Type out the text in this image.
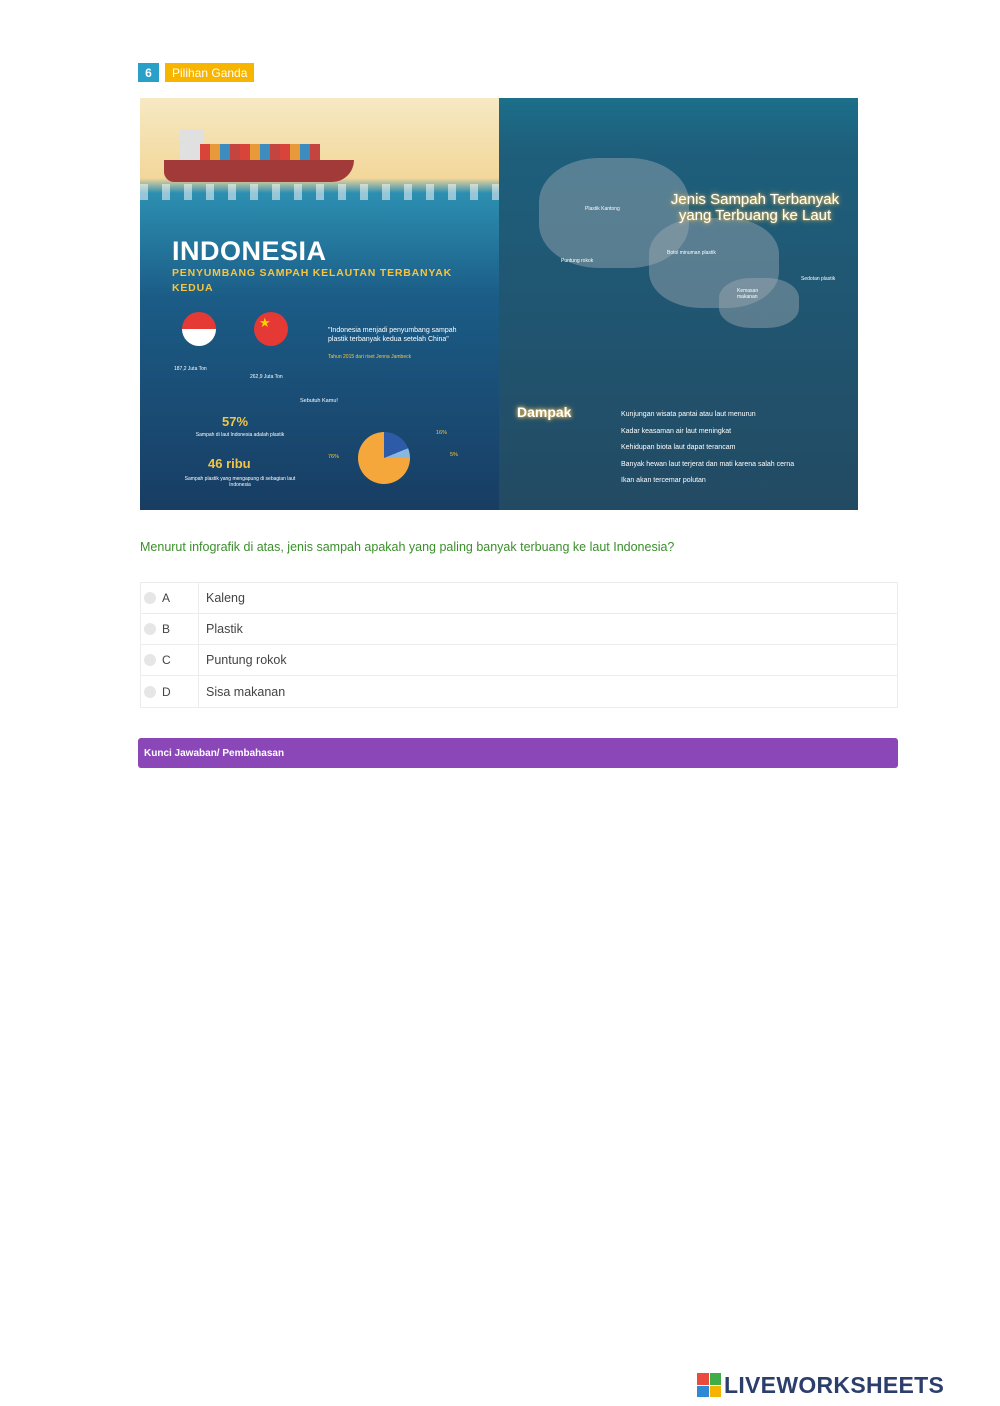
6	Pilihan Ganda
INDONESIA
PENYUMBANG SAMPAH KELAUTAN TERBANYAK KEDUA
★
187,2 Juta Ton
262,9 Juta Ton
"Indonesia menjadi penyumbang sampah plastik terbanyak kedua setelah China"
Tahun 2015 dari riset Jenna Jambeck
Sebutuh Kamu!
57%
Sampah di laut Indonesia adalah plastik
46 ribu
Sampah plastik yang mengapung di sebagian laut Indonesia
16%
76%	5%
Jenis Sampah Terbanyak yang Terbuang ke Laut
Plastik Kantong
Puntung rokok
Botol minuman plastik
Kemasan makanan
Sedotan plastik
Dampak	Kunjungan wisata pantai atau laut menurun
Kadar keasaman air laut meningkat
Kehidupan biota laut dapat terancam
Banyak hewan laut terjerat dan mati karena salah cerna
Ikan akan tercemar polutan
Menurut infografik di atas, jenis sampah apakah yang paling banyak terbuang ke laut Indonesia?
A	Kaleng
B	Plastik
C	Puntung rokok
D	Sisa makanan
Kunci Jawaban/ Pembahasan
LIVEWORKSHEETS
